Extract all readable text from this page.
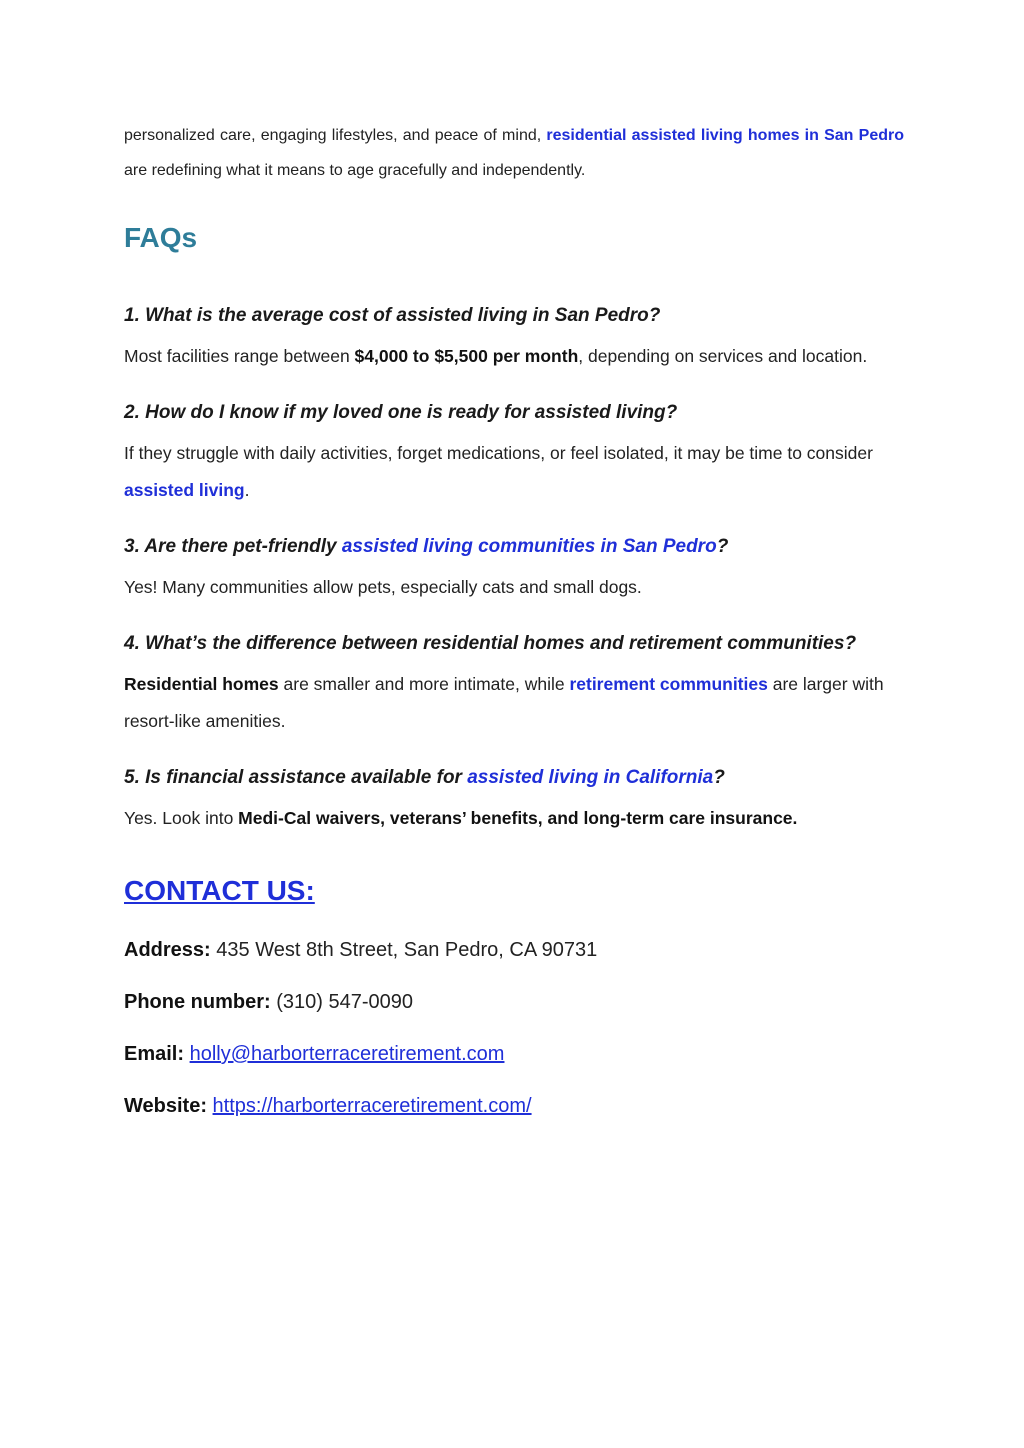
personalized care, engaging lifestyles, and peace of mind, residential assisted living homes in San Pedro are redefining what it means to age gracefully and independently.

FAQs

1. What is the average cost of assisted living in San Pedro?

Most facilities range between $4,000 to $5,500 per month, depending on services and location.

2. How do I know if my loved one is ready for assisted living?

If they struggle with daily activities, forget medications, or feel isolated, it may be time to consider assisted living.

3. Are there pet-friendly assisted living communities in San Pedro?

Yes! Many communities allow pets, especially cats and small dogs.

4. What’s the difference between residential homes and retirement communities?

Residential homes are smaller and more intimate, while retirement communities are larger with resort-like amenities.

5. Is financial assistance available for assisted living in California?

Yes. Look into Medi-Cal waivers, veterans’ benefits, and long-term care insurance.

CONTACT US:

Address: 435 West 8th Street, San Pedro, CA 90731

Phone number: (310) 547-0090

Email: holly@harborterraceretirement.com

Website: https://harborterraceretirement.com/
